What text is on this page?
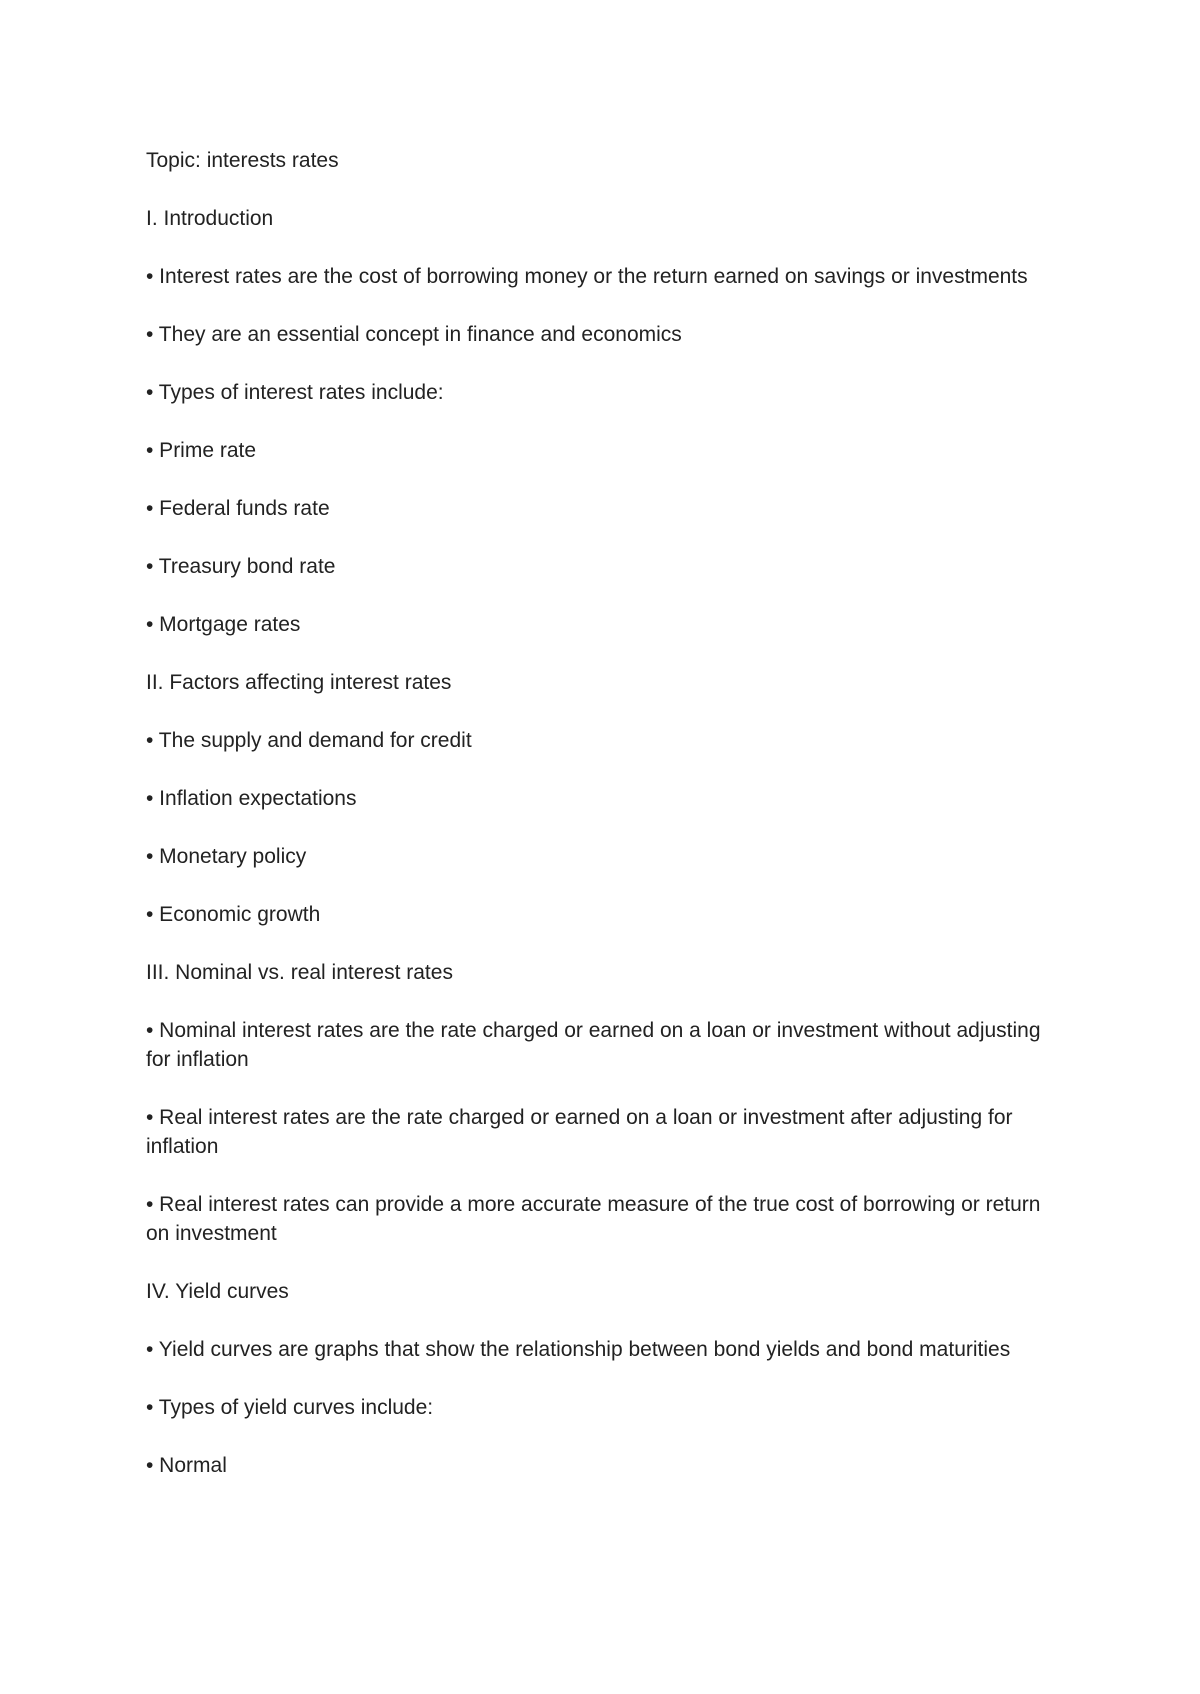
Topic: interests rates

I. Introduction

• Interest rates are the cost of borrowing money or the return earned on savings or investments

• They are an essential concept in finance and economics

• Types of interest rates include:

• Prime rate

• Federal funds rate

• Treasury bond rate

• Mortgage rates

II. Factors affecting interest rates

• The supply and demand for credit

• Inflation expectations

• Monetary policy

• Economic growth

III. Nominal vs. real interest rates

• Nominal interest rates are the rate charged or earned on a loan or investment without adjusting for inflation

• Real interest rates are the rate charged or earned on a loan or investment after adjusting for inflation

• Real interest rates can provide a more accurate measure of the true cost of borrowing or return on investment

IV. Yield curves

• Yield curves are graphs that show the relationship between bond yields and bond maturities

• Types of yield curves include:

• Normal
